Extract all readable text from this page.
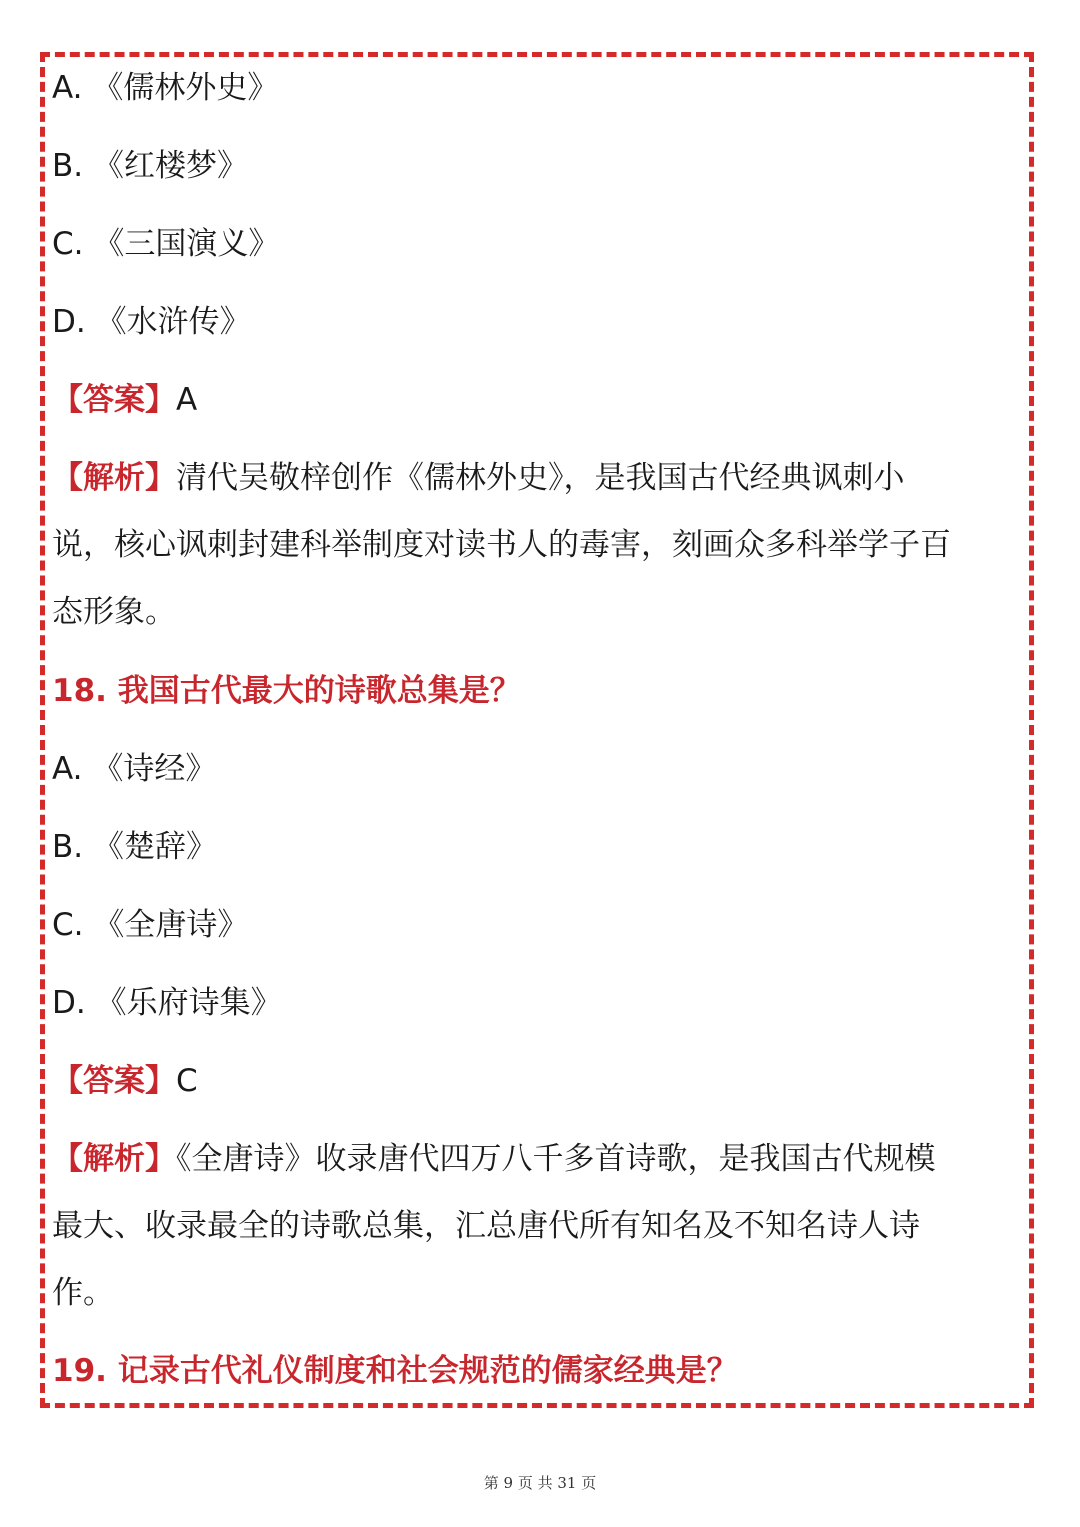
A. 《儒林外史》
B. 《红楼梦》
C. 《三国演义》
D. 《水浒传》
【答案】A
【解析】清代吴敬梓创作《儒林外史》，是我国古代经典讽刺小
说，核心讽刺封建科举制度对读书人的毒害，刻画众多科举学子百
态形象。
18. 我国古代最大的诗歌总集是？
A. 《诗经》
B. 《楚辞》
C. 《全唐诗》
D. 《乐府诗集》
【答案】C
【解析】《全唐诗》收录唐代四万八千多首诗歌，是我国古代规模
最大、收录最全的诗歌总集，汇总唐代所有知名及不知名诗人诗
作。
19. 记录古代礼仪制度和社会规范的儒家经典是？
第 9 页 共 31 页
